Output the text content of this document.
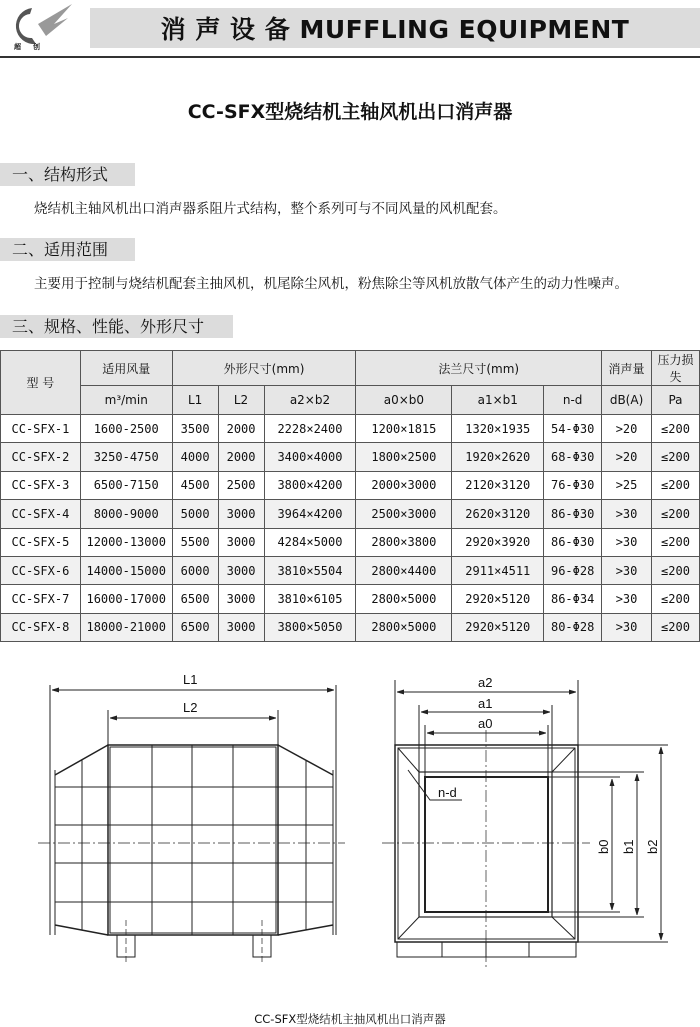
超创
消 声 设 备 MUFFLING EQUIPMENT
CC-SFX型烧结机主轴风机出口消声器
一、结构形式
烧结机主轴风机出口消声器系阻片式结构，整个系列可与不同风量的风机配套。
二、适用范围
主要用于控制与烧结机配套主抽风机，机尾除尘风机，粉焦除尘等风机放散气体产生的动力性噪声。
三、规格、性能、外形尺寸
型 号	适用风量	外形尺寸(mm)			法兰尺寸(mm)			消声量	压力损失
	m³/min	L1	L2	a2×b2	a0×b0	a1×b1	n-d	dB(A)	Pa
CC-SFX-1	1600-2500	3500	2000	2228×2400	1200×1815	1320×1935	54-Φ30	>20	≤200
CC-SFX-2	3250-4750	4000	2000	3400×4000	1800×2500	1920×2620	68-Φ30	>20	≤200
CC-SFX-3	6500-7150	4500	2500	3800×4200	2000×3000	2120×3120	76-Φ30	>25	≤200
CC-SFX-4	8000-9000	5000	3000	3964×4200	2500×3000	2620×3120	86-Φ30	>30	≤200
CC-SFX-5	12000-13000	5500	3000	4284×5000	2800×3800	2920×3920	86-Φ30	>30	≤200
CC-SFX-6	14000-15000	6000	3000	3810×5504	2800×4400	2911×4511	96-Φ28	>30	≤200
CC-SFX-7	16000-17000	6500	3000	3810×6105	2800×5000	2920×5120	86-Φ34	>30	≤200
CC-SFX-8	18000-21000	6500	3000	3800×5050	2800×5000	2920×5120	80-Φ28	>30	≤200
L1
L2
a2
a1
a0
n-d
b0 b1 b2
CC-SFX型烧结机主抽风机出口消声器
